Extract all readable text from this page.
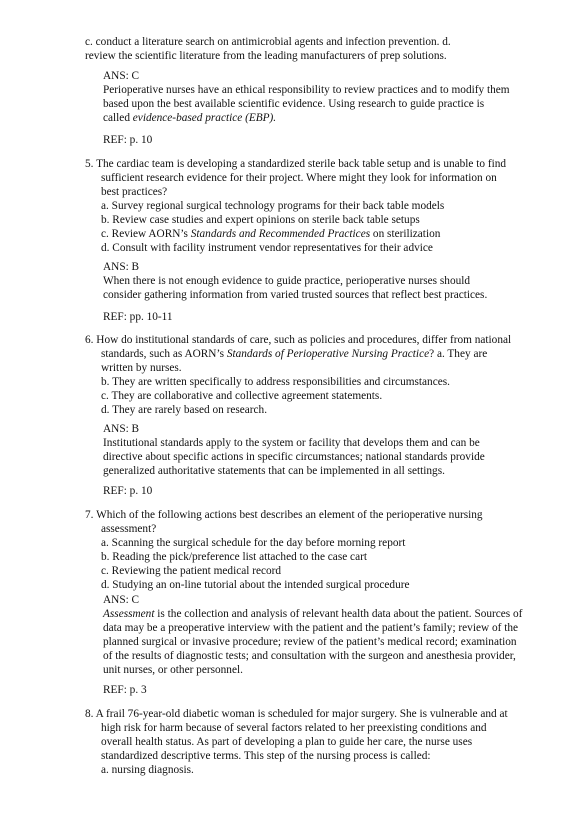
c. conduct a literature search on antimicrobial agents and infection prevention. d.
review the scientific literature from the leading manufacturers of prep solutions.
ANS: C
Perioperative nurses have an ethical responsibility to review practices and to modify them
based upon the best available scientific evidence. Using research to guide practice is
called evidence-based practice (EBP).
REF: p. 10
5. The cardiac team is developing a standardized sterile back table setup and is unable to find
sufficient research evidence for their project. Where might they look for information on
best practices?
a. Survey regional surgical technology programs for their back table models
b. Review case studies and expert opinions on sterile back table setups
c. Review AORN’s Standards and Recommended Practices on sterilization
d. Consult with facility instrument vendor representatives for their advice
ANS: B
When there is not enough evidence to guide practice, perioperative nurses should
consider gathering information from varied trusted sources that reflect best practices.
REF: pp. 10-11
6. How do institutional standards of care, such as policies and procedures, differ from national
standards, such as AORN’s Standards of Perioperative Nursing Practice? a. They are
written by nurses.
b. They are written specifically to address responsibilities and circumstances.
c. They are collaborative and collective agreement statements.
d. They are rarely based on research.
ANS: B
Institutional standards apply to the system or facility that develops them and can be
directive about specific actions in specific circumstances; national standards provide
generalized authoritative statements that can be implemented in all settings.
REF: p. 10
7. Which of the following actions best describes an element of the perioperative nursing
assessment?
a. Scanning the surgical schedule for the day before morning report
b. Reading the pick/preference list attached to the case cart
c. Reviewing the patient medical record
d. Studying an on-line tutorial about the intended surgical procedure
ANS: C
Assessment is the collection and analysis of relevant health data about the patient. Sources of
data may be a preoperative interview with the patient and the patient’s family; review of the
planned surgical or invasive procedure; review of the patient’s medical record; examination
of the results of diagnostic tests; and consultation with the surgeon and anesthesia provider,
unit nurses, or other personnel.
REF: p. 3
8. A frail 76-year-old diabetic woman is scheduled for major surgery. She is vulnerable and at
high risk for harm because of several factors related to her preexisting conditions and
overall health status. As part of developing a plan to guide her care, the nurse uses
standardized descriptive terms. This step of the nursing process is called:
a. nursing diagnosis.
